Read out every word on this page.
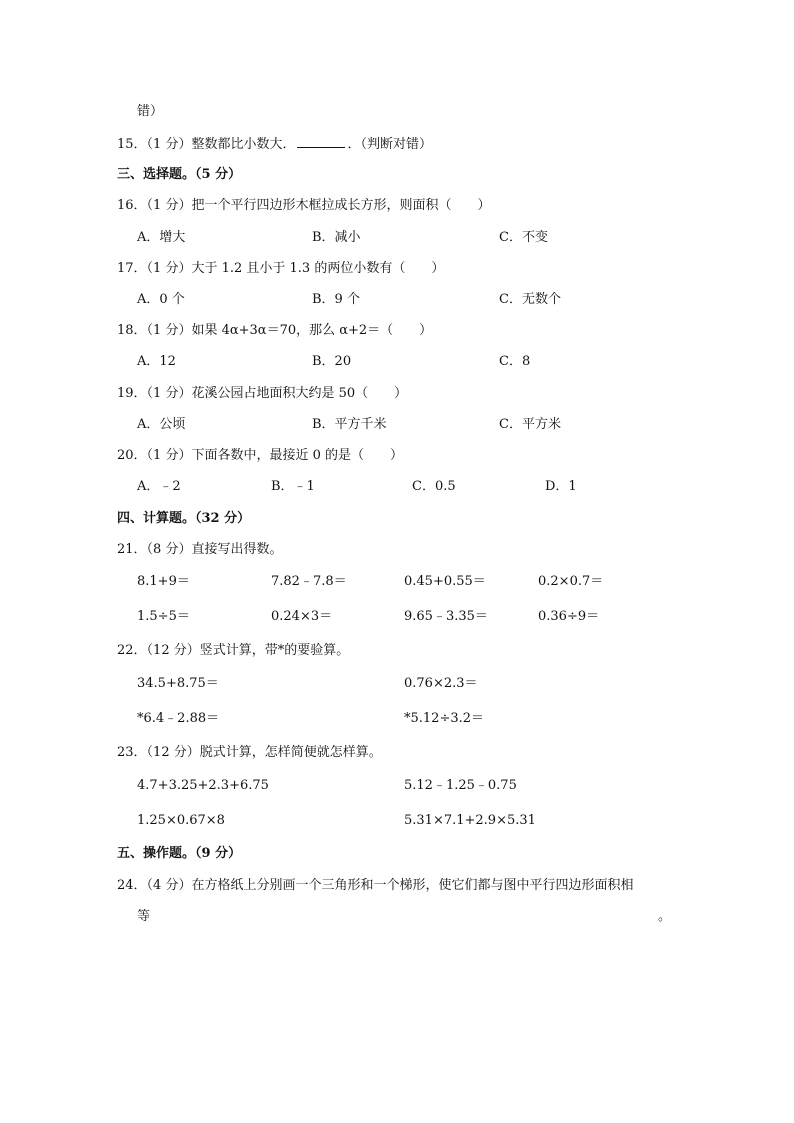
错）
15．（1 分）整数都比小数大．	．（判断对错）
三、选择题。（5 分）
16．（1 分）把一个平行四边形木框拉成长方形，则面积（　　）
A．增大	B．减小	C．不变
17．（1 分）大于 1.2 且小于 1.3 的两位小数有（　　）
A．0 个	B．9 个	C．无数个
18．（1 分）如果 4α+3α＝70，那么 α+2＝（　　）
A．12	B．20	C．8
19．（1 分）花溪公园占地面积大约是 50（　　）
A．公顷	B．平方千米	C．平方米
20．（1 分）下面各数中，最接近 0 的是（　　）
A．﹣2	B．﹣1	C．0.5	D．1
四、计算题。（32 分）
21．（8 分）直接写出得数。
8.1+9＝	7.82﹣7.8＝	0.45+0.55＝	0.2×0.7＝
1.5÷5＝	0.24×3＝	9.65﹣3.35＝	0.36÷9＝
22．（12 分）竖式计算，带*的要验算。
34.5+8.75＝	0.76×2.3＝
*6.4﹣2.88＝	*5.12÷3.2＝
23．（12 分）脱式计算，怎样简便就怎样算。
4.7+3.25+2.3+6.75	5.12﹣1.25﹣0.75
1.25×0.67×8	5.31×7.1+2.9×5.31
五、操作题。（9 分）
24．（4 分）在方格纸上分别画一个三角形和一个梯形，使它们都与图中平行四边形面积相
等	。
